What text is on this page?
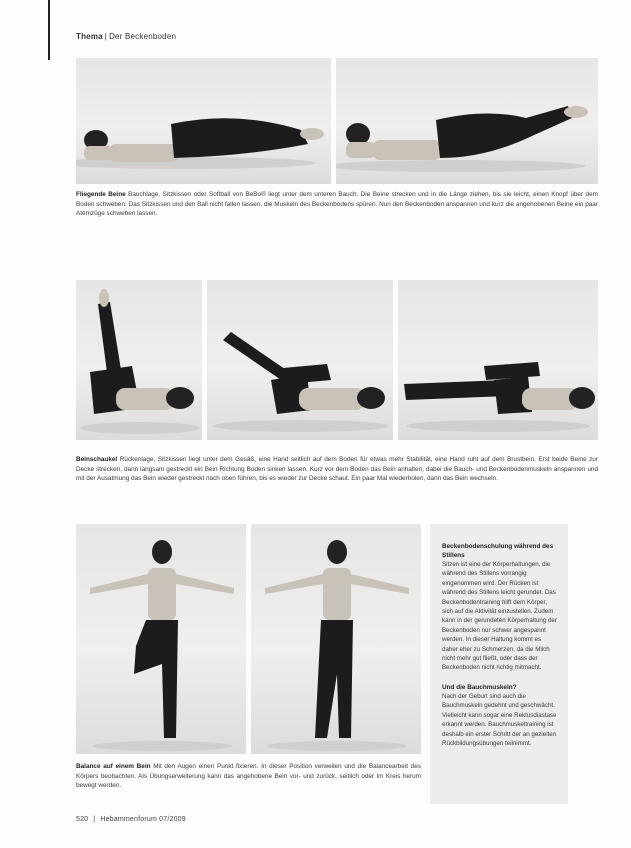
Thema | Der Beckenboden
Fliegende Beine Bauchlage, Sitzkissen oder Softball von BeBo® liegt unter dem unteren Bauch. Die Beine strecken und in die Länge ziehen, bis sie leicht, einen Knopf über dem Boden schweben. Das Sitzkissen und den Ball nicht fallen lassen, die Muskeln des Beckenbodens spüren. Nun den Beckenboden anspannen und kurz die angehobenen Beine ein paar Atemzüge schweben lassen.
Beinschaukel Rückenlage, Sitzkissen liegt unter dem Gesäß, eine Hand seitlich auf dem Boden für etwas mehr Stabilität, eine Hand ruht auf dem Brustbein. Erst beide Beine zur Decke strecken, dann langsam gestreckt ein Bein Richtung Boden sinken lassen. Kurz vor dem Boden das Bein anhalten, dabei die Bauch- und Beckenbodenmuskeln anspannen und mit der Ausatmung das Bein wieder gestreckt nach oben führen, bis es wieder zur Decke schaut. Ein paar Mal wiederholen, dann das Bein wechseln.
Balance auf einem Bein Mit den Augen einen Punkt fixieren. In dieser Position verweilen und die Balancearbeit des Körpers beobachten. Als Übungserweiterung kann das angehobene Bein vor- und zurück, seitlich oder im Kreis herum bewegt werden.
Beckenbodenschulung während des Stillens

Sitzen ist eine der Körperhaltungen, die während des Stillens vorrangig eingenommen wird. Der Rücken ist während des Stillens leicht gerundet. Das Beckenbodentraining hilft dem Körper, sich auf die Aktivität einzustellen. Zudem kann in der gerundeten Körperhaltung der Beckenboden nur schwer angespannt werden. In dieser Haltung kommt es daher eher zu Schmerzen, da die Milch nicht mehr gut fließt, oder dass der Beckenboden nicht richtig mitmacht.

Und die Bauchmuskeln?

Nach der Geburt sind auch die Bauchmuskeln gedehnt und geschwächt. Vielleicht kann sogar eine Rektusdiastase erkannt werden. Bauchmuskeltraining ist deshalb ein erster Schritt der an gezielten Rückbildungsübungen teilnimmt.

520 | Hebammenforum 07/2009
